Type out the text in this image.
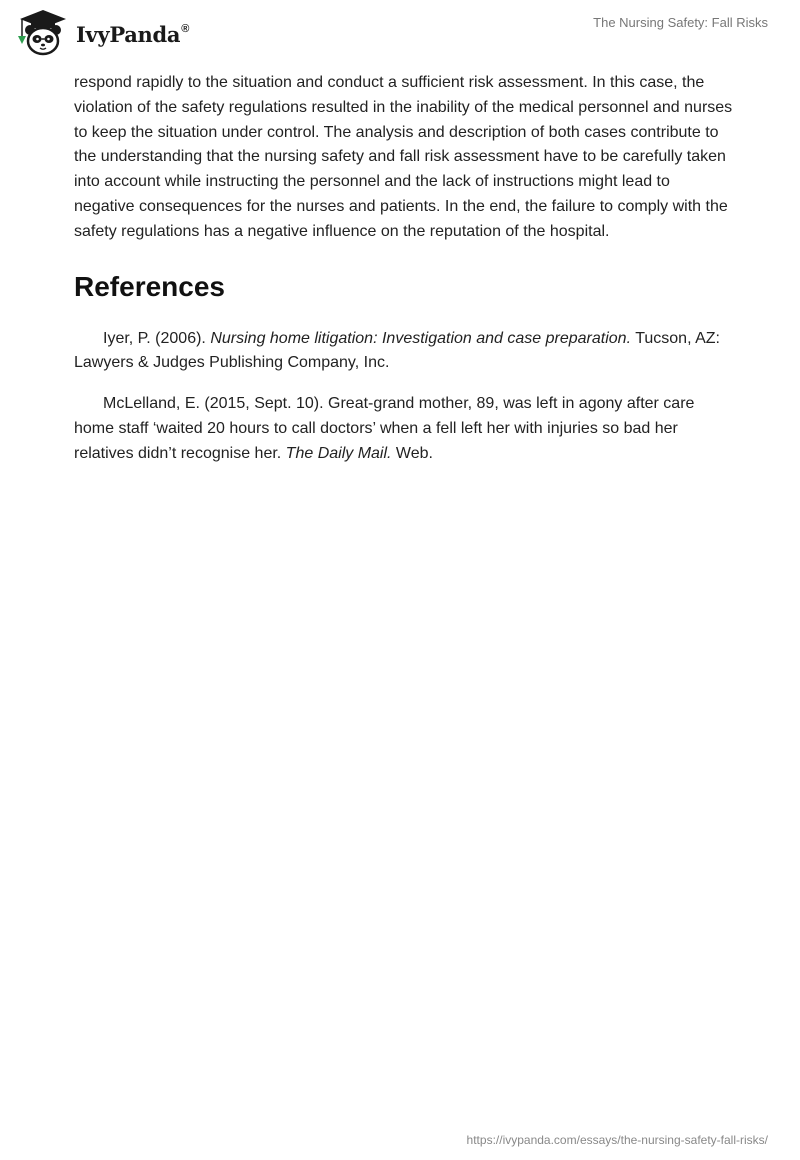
IvyPanda®	The Nursing Safety: Fall Risks

respond rapidly to the situation and conduct a sufficient risk assessment. In this case, the violation of the safety regulations resulted in the inability of the medical personnel and nurses to keep the situation under control. The analysis and description of both cases contribute to the understanding that the nursing safety and fall risk assessment have to be carefully taken into account while instructing the personnel and the lack of instructions might lead to negative consequences for the nurses and patients. In the end, the failure to comply with the safety regulations has a negative influence on the reputation of the hospital.

References

Iyer, P. (2006). Nursing home litigation: Investigation and case preparation. Tucson, AZ: Lawyers & Judges Publishing Company, Inc.

McLelland, E. (2015, Sept. 10). Great-grand mother, 89, was left in agony after care home staff ‘waited 20 hours to call doctors’ when a fell left her with injuries so bad her relatives didn’t recognise her. The Daily Mail. Web.

https://ivypanda.com/essays/the-nursing-safety-fall-risks/
